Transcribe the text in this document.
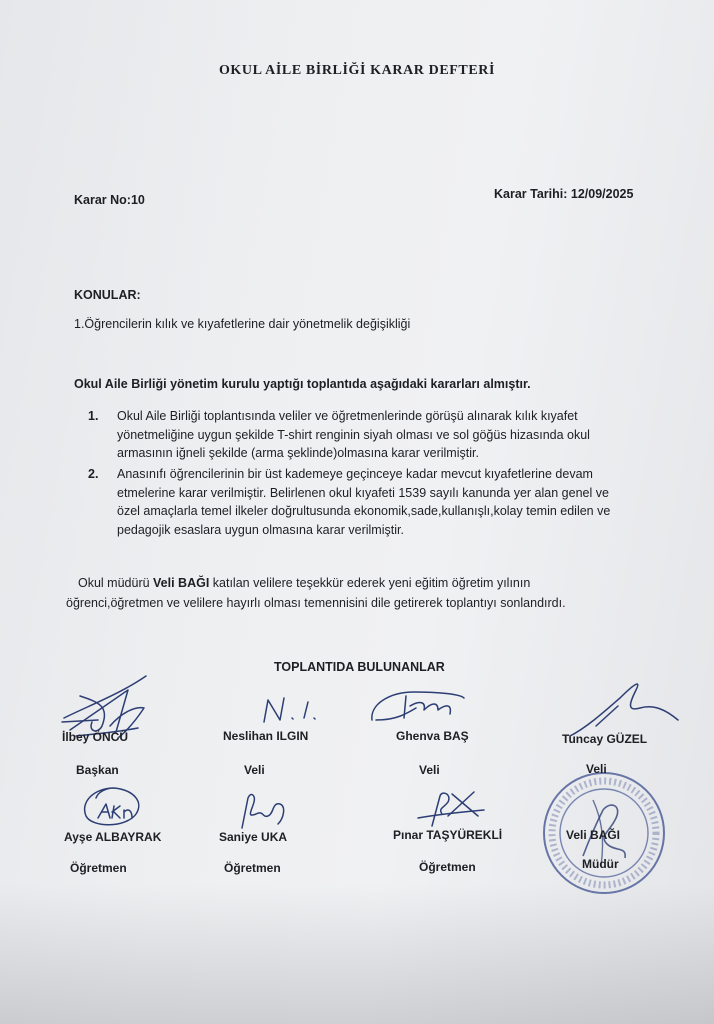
OKUL AİLE BİRLİĞİ KARAR DEFTERİ
Karar No:10	Karar Tarihi: 12/09/2025
KONULAR:
1.Öğrencilerin kılık ve kıyafetlerine dair yönetmelik değişikliği
Okul Aile Birliği yönetim kurulu yaptığı toplantıda aşağıdaki kararları almıştır.
1. Okul Aile Birliği toplantısında veliler ve öğretmenlerinde görüşü alınarak kılık kıyafet
yönetmeliğine uygun şekilde T-shirt renginin siyah olması ve sol göğüs hizasında okul
armasının iğneli şekilde (arma şeklinde)olmasına karar verilmiştir.
2. Anasınıfı öğrencilerinin bir üst kademeye geçinceye kadar mevcut kıyafetlerine devam
etmelerine karar verilmiştir. Belirlenen okul kıyafeti 1539 sayılı kanunda yer alan genel ve
özel amaçlarla temel ilkeler doğrultusunda ekonomik,sade,kullanışlı,kolay temin edilen ve
pedagojik esaslara uygun olmasına karar verilmiştir.
Okul müdürü Veli BAĞI katılan velilere teşekkür ederek yeni eğitim öğretim yılının
öğrenci,öğretmen ve velilere hayırlı olması temennisini dile getirerek toplantıyı sonlandırdı.
TOPLANTIDA BULUNANLAR
İlbey ÖNCÜ
Başkan
Neslihan ILGIN
Veli
Ghenva BAŞ
Veli
Tuncay GÜZEL
Veli
Ayşe ALBAYRAK
Öğretmen
Saniye UKA
Öğretmen
Pınar TAŞYÜREKLİ
Öğretmen
Veli BAĞI
Müdür
